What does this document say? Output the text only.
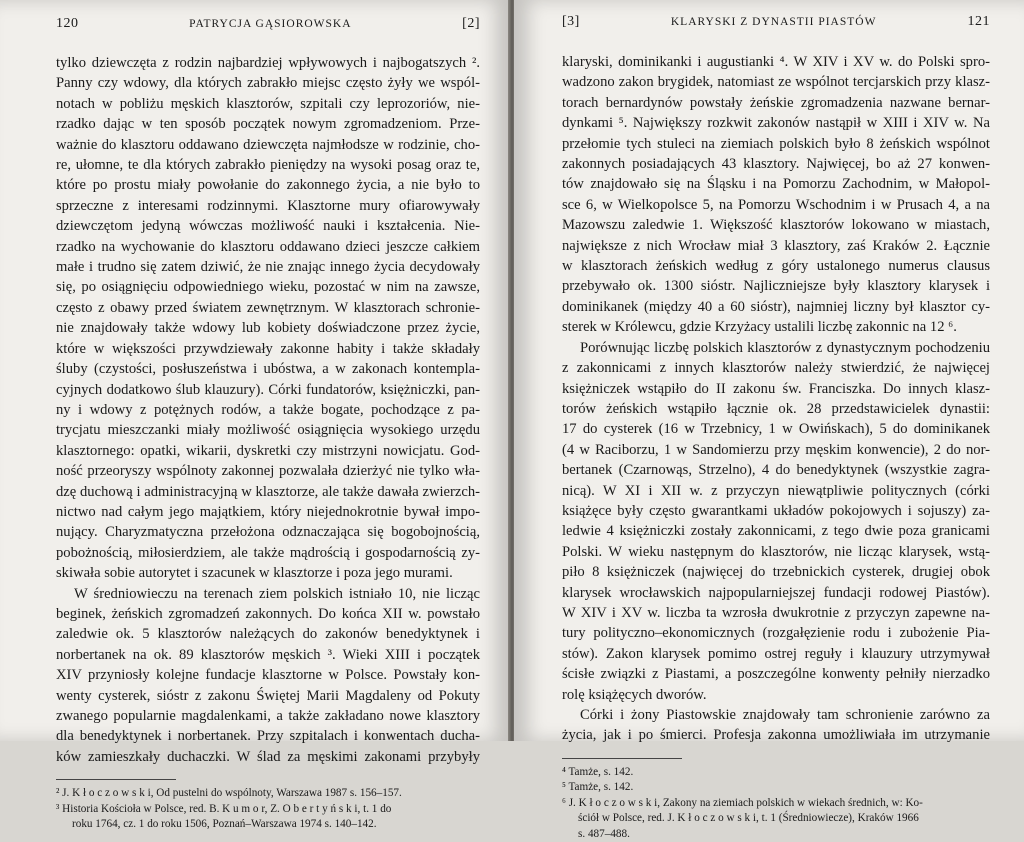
120	PATRYCJA GĄSIOROWSKA	[2]
tylko dziewczęta z rodzin najbardziej wpływowych i najbogatszych ².
Panny czy wdowy, dla których zabrakło miejsc często żyły we wspól-
notach w pobliżu męskich klasztorów, szpitali czy leprozoriów, nie-
rzadko dając w ten sposób początek nowym zgromadzeniom. Prze-
ważnie do klasztoru oddawano dziewczęta najmłodsze w rodzinie, cho-
re, ułomne, te dla których zabrakło pieniędzy na wysoki posag oraz te,
które po prostu miały powołanie do zakonnego życia, a nie było to
sprzeczne z interesami rodzinnymi. Klasztorne mury ofiarowywały
dziewczętom jedyną wówczas możliwość nauki i kształcenia. Nie-
rzadko na wychowanie do klasztoru oddawano dzieci jeszcze całkiem
małe i trudno się zatem dziwić, że nie znając innego życia decydowały
się, po osiągnięciu odpowiedniego wieku, pozostać w nim na zawsze,
często z obawy przed światem zewnętrznym. W klasztorach schronie-
nie znajdowały także wdowy lub kobiety doświadczone przez życie,
które w większości przywdziewały zakonne habity i także składały
śluby (czystości, posłuszeństwa i ubóstwa, a w zakonach kontempla-
cyjnych dodatkowo ślub klauzury). Córki fundatorów, księżniczki, pan-
ny i wdowy z potężnych rodów, a także bogate, pochodzące z pa-
trycjatu mieszczanki miały możliwość osiągnięcia wysokiego urzędu
klasztornego: opatki, wikarii, dyskretki czy mistrzyni nowicjatu. God-
ność przeoryszy wspólnoty zakonnej pozwalała dzierżyć nie tylko wła-
dzę duchową i administracyjną w klasztorze, ale także dawała zwierzch-
nictwo nad całym jego majątkiem, który niejednokrotnie bywał impo-
nujący. Charyzmatyczna przełożona odznaczająca się bogobojnością,
pobożnością, miłosierdziem, ale także mądrością i gospodarnością zy-
skiwała sobie autorytet i szacunek w klasztorze i poza jego murami.
W średniowieczu na terenach ziem polskich istniało 10, nie licząc
beginek, żeńskich zgromadzeń zakonnych. Do końca XII w. powstało
zaledwie ok. 5 klasztorów należących do zakonów benedyktynek i
norbertanek na ok. 89 klasztorów męskich ³. Wieki XIII i początek
XIV przyniosły kolejne fundacje klasztorne w Polsce. Powstały kon-
wenty cysterek, sióstr z zakonu Świętej Marii Magdaleny od Pokuty
zwanego popularnie magdalenkami, a także zakładano nowe klasztory
dla benedyktynek i norbertanek. Przy szpitalach i konwentach ducha-
ków zamieszkały duchaczki. W ślad za męskimi zakonami przybyły
² J. K ł o c z o w s k i, Od pustelni do wspólnoty, Warszawa 1987 s. 156–157.
³ Historia Kościoła w Polsce, red. B. K u m o r, Z. O b e r t y ń s k i, t. 1 do
roku 1764, cz. 1 do roku 1506, Poznań–Warszawa 1974 s. 140–142.
[3]	KLARYSKI Z DYNASTII PIASTÓW	121
klaryski, dominikanki i augustianki ⁴. W XIV i XV w. do Polski spro-
wadzono zakon brygidek, natomiast ze wspólnot tercjarskich przy klasz-
torach bernardynów powstały żeńskie zgromadzenia nazwane bernar-
dynkami ⁵. Największy rozkwit zakonów nastąpił w XIII i XIV w. Na
przełomie tych stuleci na ziemiach polskich było 8 żeńskich wspólnot
zakonnych posiadających 43 klasztory. Najwięcej, bo aż 27 konwen-
tów znajdowało się na Śląsku i na Pomorzu Zachodnim, w Małopol-
sce 6, w Wielkopolsce 5, na Pomorzu Wschodnim i w Prusach 4, a na
Mazowszu zaledwie 1. Większość klasztorów lokowano w miastach,
największe z nich Wrocław miał 3 klasztory, zaś Kraków 2. Łącznie
w klasztorach żeńskich według z góry ustalonego numerus clausus
przebywało ok. 1300 sióstr. Najliczniejsze były klasztory klarysek i
dominikanek (między 40 a 60 sióstr), najmniej liczny był klasztor cy-
sterek w Królewcu, gdzie Krzyżacy ustalili liczbę zakonnic na 12 ⁶.
Porównując liczbę polskich klasztorów z dynastycznym pochodzeniu
z zakonnicami z innych klasztorów należy stwierdzić, że najwięcej
księżniczek wstąpiło do II zakonu św. Franciszka. Do innych klasz-
torów żeńskich wstąpiło łącznie ok. 28 przedstawicielek dynastii:
17 do cysterek (16 w Trzebnicy, 1 w Owińskach), 5 do dominikanek
(4 w Raciborzu, 1 w Sandomierzu przy męskim konwencie), 2 do nor-
bertanek (Czarnowąs, Strzelno), 4 do benedyktynek (wszystkie zagra-
nicą). W XI i XII w. z przyczyn niewątpliwie politycznych (córki
książęce były często gwarantkami układów pokojowych i sojuszy) za-
ledwie 4 księżniczki zostały zakonnicami, z tego dwie poza granicami
Polski. W wieku następnym do klasztorów, nie licząc klarysek, wstą-
piło 8 księżniczek (najwięcej do trzebnickich cysterek, drugiej obok
klarysek wrocławskich najpopularniejszej fundacji rodowej Piastów).
W XIV i XV w. liczba ta wzrosła dwukrotnie z przyczyn zapewne na-
tury polityczno–ekonomicznych (rozgałęzienie rodu i zubożenie Pia-
stów). Zakon klarysek pomimo ostrej reguły i klauzury utrzymywał
ścisłe związki z Piastami, a poszczególne konwenty pełniły nierzadko
rolę książęcych dworów.
Córki i żony Piastowskie znajdowały tam schronienie zarówno za
życia, jak i po śmierci. Profesja zakonna umożliwiała im utrzymanie
⁴ Tamże, s. 142.
⁵ Tamże, s. 142.
⁶ J. K ł o c z o w s k i, Zakony na ziemiach polskich w wiekach średnich, w: Ko-
ściół w Polsce, red. J. K ł o c z o w s k i, t. 1 (Średniowiecze), Kraków 1966
s. 487–488.
